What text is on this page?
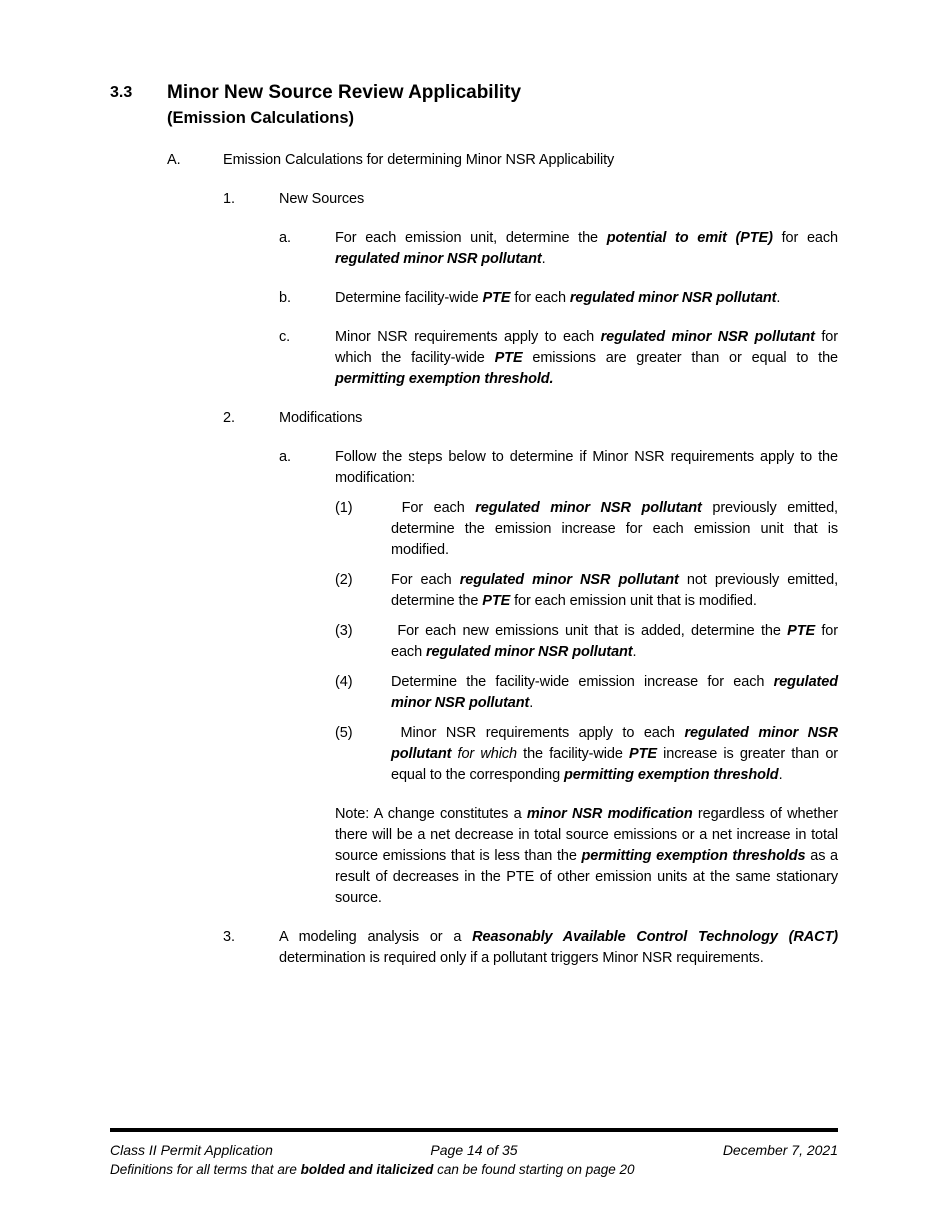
3.3	Minor New Source Review Applicability
(Emission Calculations)
A.	Emission Calculations for determining Minor NSR Applicability
1.	New Sources
a.	For each emission unit, determine the potential to emit (PTE) for each regulated minor NSR pollutant.
b.	Determine facility-wide PTE for each regulated minor NSR pollutant.
c.	Minor NSR requirements apply to each regulated minor NSR pollutant for which the facility-wide PTE emissions are greater than or equal to the permitting exemption threshold.
2.	Modifications
a.	Follow the steps below to determine if Minor NSR requirements apply to the modification:
(1)	For each regulated minor NSR pollutant previously emitted, determine the emission increase for each emission unit that is modified.
(2)	For each regulated minor NSR pollutant not previously emitted, determine the PTE for each emission unit that is modified.
(3)	For each new emissions unit that is added, determine the PTE for each regulated minor NSR pollutant.
(4)	Determine the facility-wide emission increase for each regulated minor NSR pollutant.
(5)	Minor NSR requirements apply to each regulated minor NSR pollutant for which the facility-wide PTE increase is greater than or equal to the corresponding permitting exemption threshold.
Note: A change constitutes a minor NSR modification regardless of whether there will be a net decrease in total source emissions or a net increase in total source emissions that is less than the permitting exemption thresholds as a result of decreases in the PTE of other emission units at the same stationary source.
3.	A modeling analysis or a Reasonably Available Control Technology (RACT) determination is required only if a pollutant triggers Minor NSR requirements.
Class II Permit Application	Page 14 of 35	December 7, 2021
Definitions for all terms that are bolded and italicized can be found starting on page 20
